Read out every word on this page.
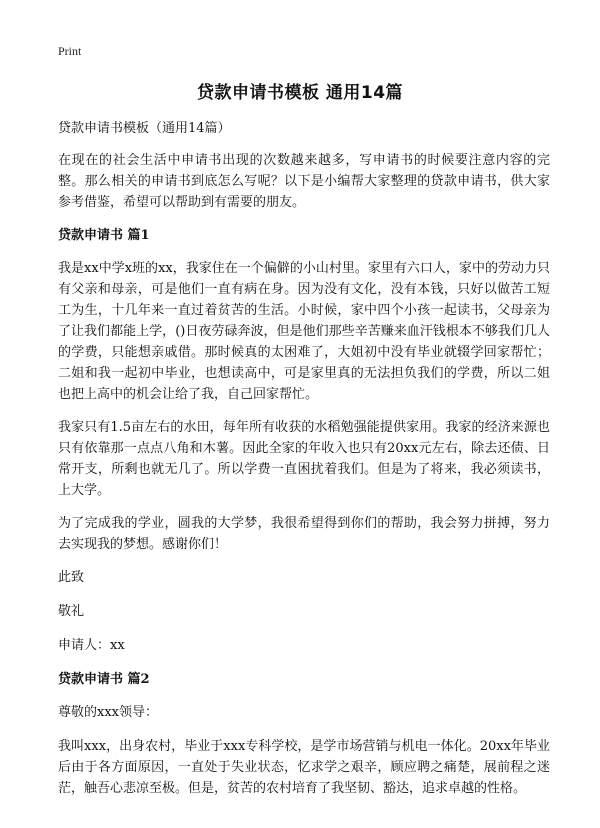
Print
贷款申请书模板 通用14篇

贷款申请书模板（通用14篇）

在现在的社会生活中申请书出现的次数越来越多，写申请书的时候要注意内容的完整。那么相关的申请书到底怎么写呢？以下是小编帮大家整理的贷款申请书，供大家参考借鉴，希望可以帮助到有需要的朋友。

贷款申请书 篇1

我是xx中学x班的xx，我家住在一个偏僻的小山村里。家里有六口人，家中的劳动力只有父亲和母亲，可是他们一直有病在身。因为没有文化，没有本钱，只好以做苦工短工为生，十几年来一直过着贫苦的生活。小时候，家中四个小孩一起读书，父母亲为了让我们都能上学，()日夜劳碌奔波，但是他们那些辛苦赚来血汗钱根本不够我们几人的学费，只能想亲戚借。那时候真的太困难了，大姐初中没有毕业就辍学回家帮忙；二姐和我一起初中毕业，也想读高中，可是家里真的无法担负我们的学费，所以二姐也把上高中的机会让给了我，自己回家帮忙。

我家只有1.5亩左右的水田，每年所有收获的水稻勉强能提供家用。我家的经济来源也只有依靠那一点点八角和木薯。因此全家的年收入也只有20xx元左右，除去还债、日常开支，所剩也就无几了。所以学费一直困扰着我们。但是为了将来，我必须读书，上大学。

为了完成我的学业，圆我的大学梦，我很希望得到你们的帮助，我会努力拼搏，努力去实现我的梦想。感谢你们！

此致

敬礼

申请人：xx

贷款申请书 篇2

尊敬的xxx领导：

我叫xxx，出身农村，毕业于xxx专科学校，是学市场营销与机电一体化。20xx年毕业后由于各方面原因，一直处于失业状态，忆求学之艰辛，顾应聘之痛楚，展前程之迷茫，触吾心悲凉至极。但是，贫苦的农村培育了我坚韧、豁达，追求卓越的性格。
